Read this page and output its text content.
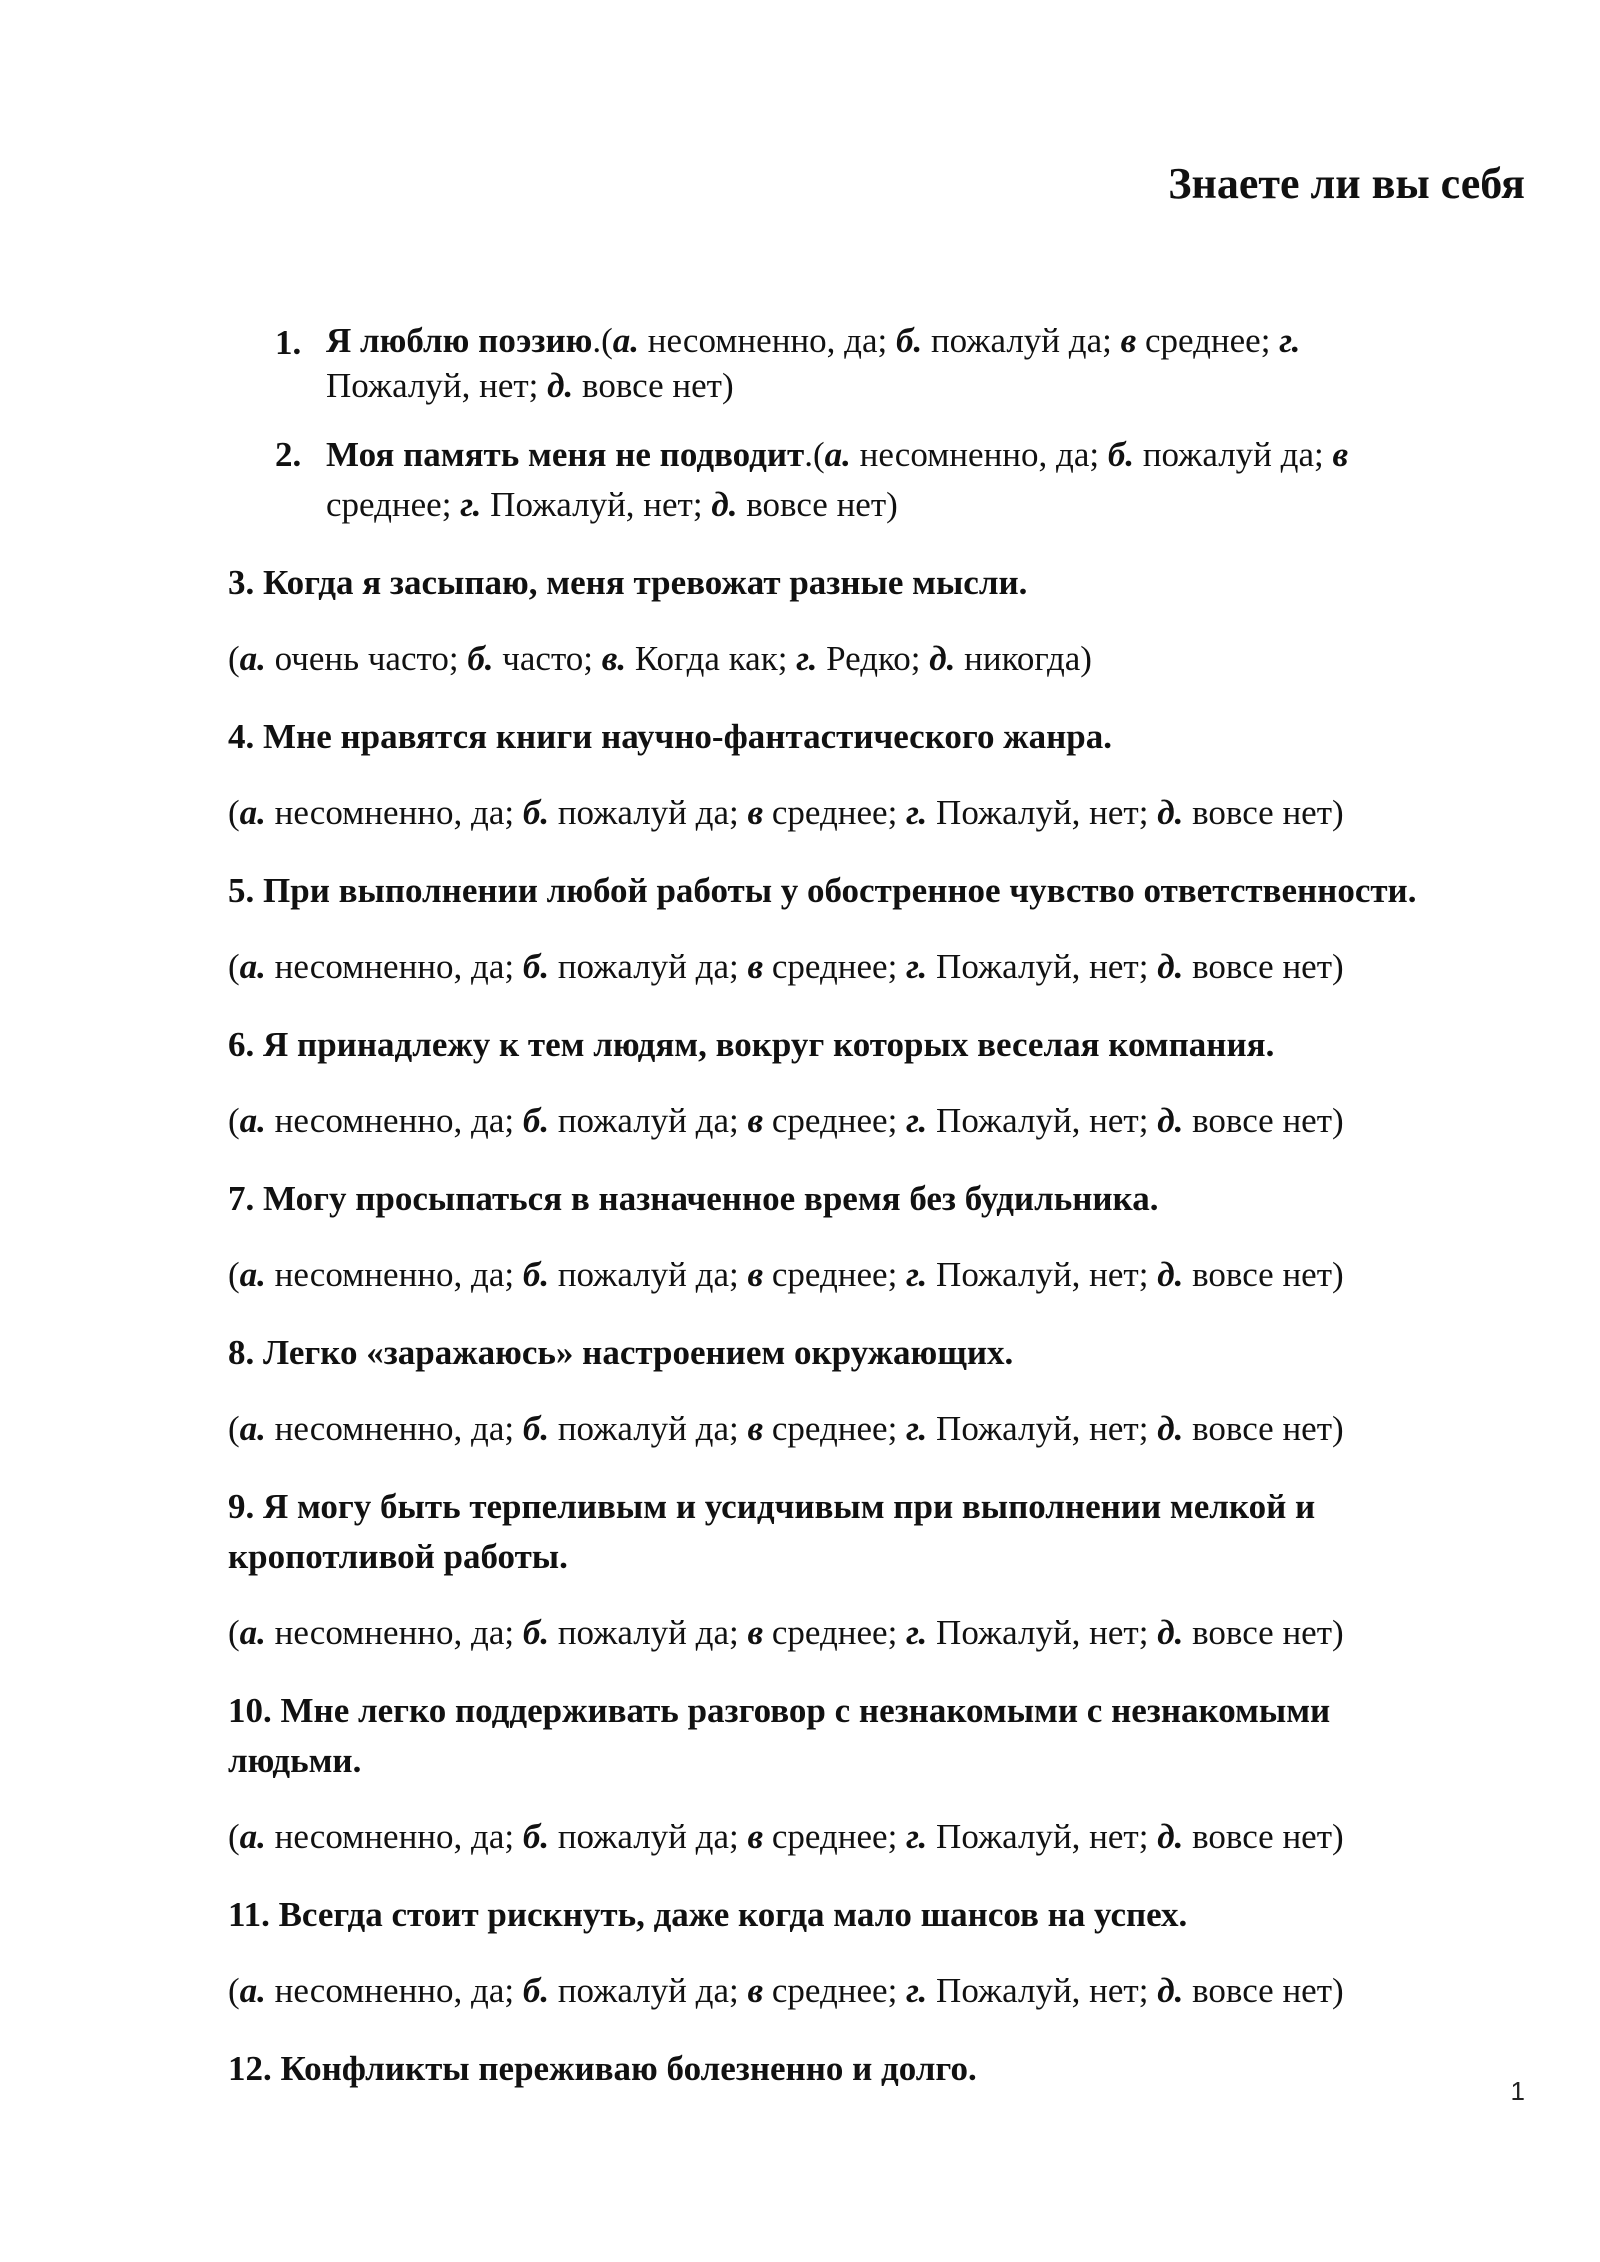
Знаете ли вы себя
1. Я люблю поэзию.(а. несомненно, да; б. пожалуй да; в среднее; г.
Пожалуй, нет; д. вовсе нет)
2. Моя память меня не подводит.(а. несомненно, да; б. пожалуй да; в
среднее; г. Пожалуй, нет; д. вовсе нет)
3. Когда я засыпаю, меня тревожат разные мысли.
(а. очень часто; б. часто; в. Когда как; г. Редко; д. никогда)
4. Мне нравятся книги научно-фантастического жанра.
(а. несомненно, да; б. пожалуй да; в среднее; г. Пожалуй, нет; д. вовсе нет)
5. При выполнении любой работы у обостренное чувство ответственности.
(а. несомненно, да; б. пожалуй да; в среднее; г. Пожалуй, нет; д. вовсе нет)
6. Я принадлежу к тем людям, вокруг которых веселая компания.
(а. несомненно, да; б. пожалуй да; в среднее; г. Пожалуй, нет; д. вовсе нет)
7. Могу просыпаться в назначенное время без будильника.
(а. несомненно, да; б. пожалуй да; в среднее; г. Пожалуй, нет; д. вовсе нет)
8. Легко «заражаюсь» настроением окружающих.
(а. несомненно, да; б. пожалуй да; в среднее; г. Пожалуй, нет; д. вовсе нет)
9. Я могу быть терпеливым и усидчивым при выполнении мелкой и кропотливой работы.
(а. несомненно, да; б. пожалуй да; в среднее; г. Пожалуй, нет; д. вовсе нет)
10. Мне легко поддерживать разговор с незнакомыми с незнакомыми людьми.
(а. несомненно, да; б. пожалуй да; в среднее; г. Пожалуй, нет; д. вовсе нет)
11. Всегда стоит рискнуть, даже когда мало шансов на успех.
(а. несомненно, да; б. пожалуй да; в среднее; г. Пожалуй, нет; д. вовсе нет)
12. Конфликты переживаю болезненно и долго.
1
